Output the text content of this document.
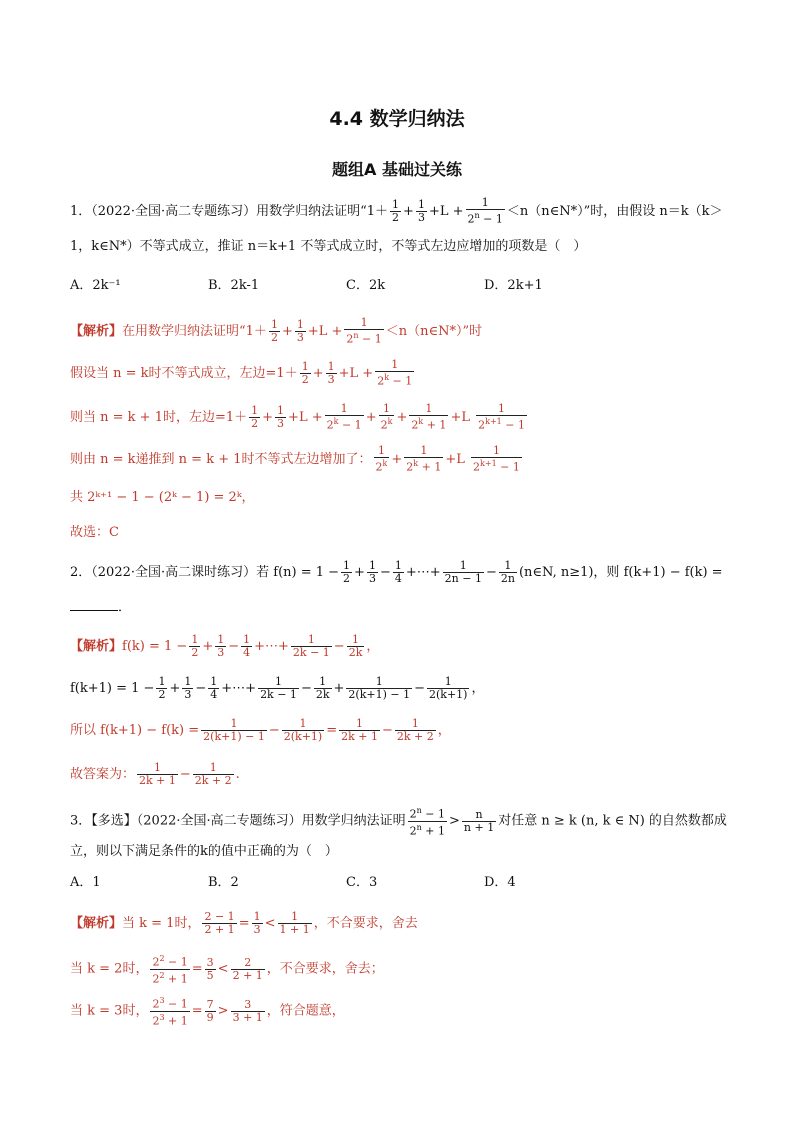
4.4 数学归纳法
题组A 基础过关练
1．（2022·全国·高二专题练习）用数学归纳法证明“$1+ \frac{1}{2} + \frac{1}{3} +L + \frac{1}{2^n - 1}$ ＜n（n∈N*）”时，由假设 n＝k（k＞
1，k∈N*）不等式成立，推证 n＝k+1 不等式成立时，不等式左边应增加的项数是（　）
A．2k⁻¹	B．2k-1	C．2k	D．2k+1
【解析】在用数学归纳法证明“$1+ \frac{1}{2} + \frac{1}{3} +L + \frac{1}{2^n - 1}$ ＜n（n∈N*）”时
假设当 n = k时不等式成立，左边$=1+ \frac{1}{2} + \frac{1}{3} +L + \frac{1}{2^k - 1}$
则当 n = k + 1时，左边$=1+ \frac{1}{2} + \frac{1}{3} +L + \frac{1}{2^k - 1} + \frac{1}{2^k} + \frac{1}{2^k + 1} +L \frac{1}{2^{k+1} - 1}$
则由 n = k递推到 n = k + 1时不等式左边增加了： $\frac{1}{2^k} + \frac{1}{2^k + 1} +L \frac{1}{2^{k+1} - 1}$
共 2ᵏ⁺¹ − 1 − (2ᵏ − 1) = 2ᵏ，
故选：C
2．（2022·全国·高二课时练习）若 $f(n) = 1 - \frac{1}{2} + \frac{1}{3} - \frac{1}{4}$ +⋯+ $\frac{1}{2n - 1} - \frac{1}{2n}$ (n∈N, n≥1)，则 f(k+1) − f(k) =
．
【解析】$f(k) = 1 - \frac{1}{2} + \frac{1}{3} - \frac{1}{4}$ +⋯+ $\frac{1}{2k - 1} - \frac{1}{2k}$ ，
$f(k+1) = 1 - \frac{1}{2} + \frac{1}{3} - \frac{1}{4}$ +⋯+ $\frac{1}{2k - 1} - \frac{1}{2k} + \frac{1}{2(k+1) - 1} - \frac{1}{2(k+1)}$ ，
所以 $f(k+1) - f(k) = \frac{1}{2(k+1) - 1} - \frac{1}{2(k+1)} = \frac{1}{2k + 1} - \frac{1}{2k + 2}$ ，
故答案为： $\frac{1}{2k + 1} - \frac{1}{2k + 2}$ .
3．【多选】（2022·全国·高二专题练习）用数学归纳法证明 $\frac{2^n - 1}{2^n + 1} > \frac{n}{n + 1}$ 对任意 n ≥ k (n, k ∈ N) 的自然数都成
立，则以下满足条件的k的值中正确的为（　）
A．1	B．2	C．3	D．4
【解析】当 k = 1时， $\frac{2 - 1}{2 + 1} = \frac{1}{3} < \frac{1}{1 + 1}$ ，不合要求，舍去
当 k = 2时， $\frac{2^2 - 1}{2^2 + 1} = \frac{3}{5} < \frac{2}{2 + 1}$ ，不合要求，舍去；
当 k = 3时， $\frac{2^3 - 1}{2^3 + 1} = \frac{7}{9} > \frac{3}{3 + 1}$ ，符合题意，
